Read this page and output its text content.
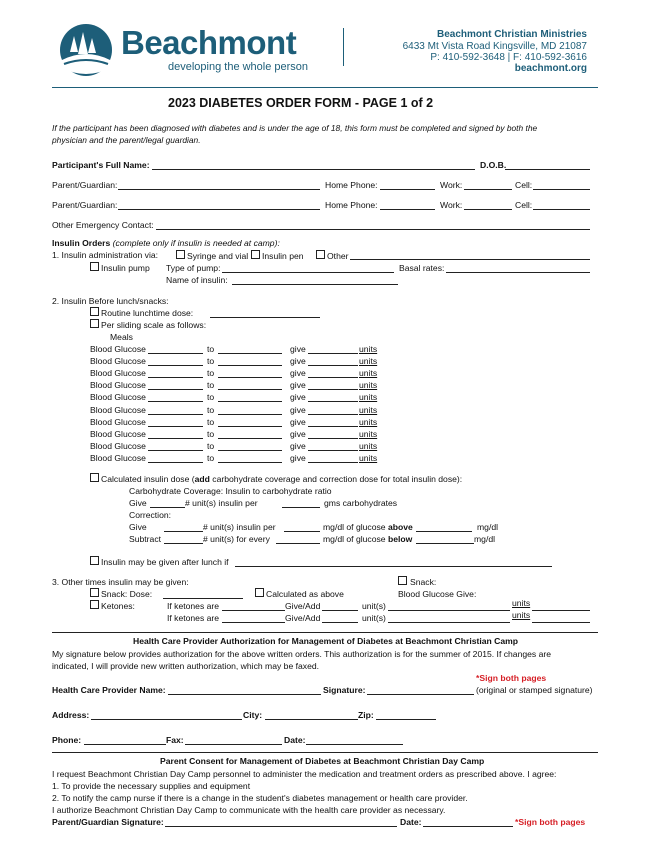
Beachmont
developing the whole person
Beachmont Christian Ministries
6433 Mt Vista Road Kingsville, MD 21087
P: 410-592-3648 | F: 410-592-3616
beachmont.org
2023 DIABETES ORDER FORM - PAGE 1 of 2
If the participant has been diagnosed with diabetes and is under the age of 18, this form must be completed and signed by both the
physician and the parent/legal guardian.
Participant's Full Name:	D.O.B.
Parent/Guardian:	Home Phone:	Work:	Cell:
Parent/Guardian:	Home Phone:	Work:	Cell:
Other Emergency Contact:
Insulin Orders (complete only if insulin is needed at camp):
1. Insulin administration via:	Syringe and vial Insulin pen	Other
Insulin pump Type of pump:	Basal rates:
Name of insulin:
2. Insulin Before lunch/snacks:
Routine lunchtime dose:
Per sliding scale as follows:
Meals
Blood Glucose	to	give	units
Blood Glucose	to	give	units
Blood Glucose	to	give	units
Blood Glucose	to	give	units
Blood Glucose	to	give	units
Blood Glucose	to	give	units
Blood Glucose	to	give	units
Blood Glucose	to	give	units
Blood Glucose	to	give	units
Blood Glucose	to	give	units
Calculated insulin dose (add carbohydrate coverage and correction dose for total insulin dose):
Carbohydrate Coverage: Insulin to carbohydrate ratio
Give	# unit(s) insulin per	gms carbohydrates
Correction:
Give	# unit(s) insulin per	mg/dl of glucose above	mg/dl
Subtract	# unit(s) for every	mg/dl of glucose below	mg/dl
Insulin may be given after lunch if
3. Other times insulin may be given:	Snack:
Snack: Dose:	Calculated as above	Blood Glucose Give:
Ketones:	If ketones are	Give/Add	unit(s)	units
If ketones are	Give/Add	unit(s)	units
Health Care Provider Authorization for Management of Diabetes at Beachmont Christian Camp
My signature below provides authorization for the above written orders. This authorization is for the summer of 2015. If changes are
indicated, I will provide new written authorization, which may be faxed.
*Sign both pages
Health Care Provider Name:	Signature:	(original or stamped signature)
Address:	City:	Zip:
Phone:	Fax:	Date:
Parent Consent for Management of Diabetes at Beachmont Christian Day Camp
I request Beachmont Christian Day Camp personnel to administer the medication and treatment orders as prescribed above. I agree:
1. To provide the necessary supplies and equipment
2. To notify the camp nurse if there is a change in the student's diabetes management or health care provider.
I authorize Beachmont Christian Day Camp to communicate with the health care provider as necessary.
Parent/Guardian Signature:	Date:	*Sign both pages
